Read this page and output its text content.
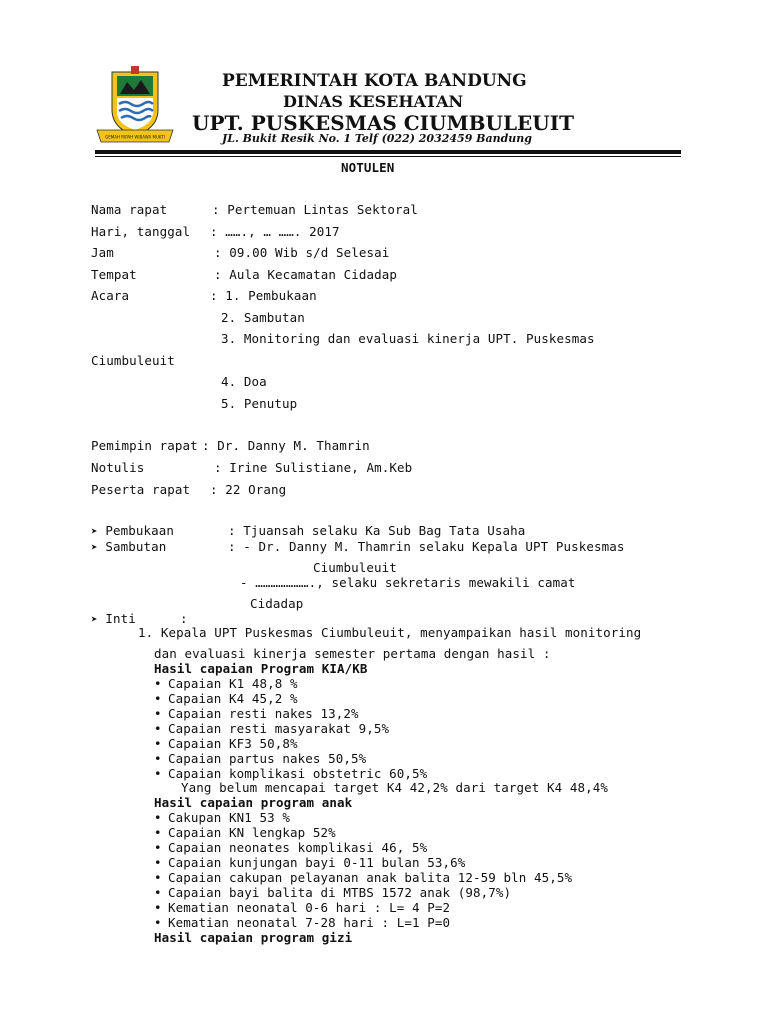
GEMAH RIPAH WIBAWA MUKTI
PEMERINTAH KOTA BANDUNG
DINAS KESEHATAN
UPT. PUSKESMAS CIUMBULEUIT
JL. Bukit Resik No. 1 Telf (022) 2032459 Bandung
NOTULEN
Nama rapat	: Pertemuan Lintas Sektoral
Hari, tanggal : ……., … ……. 2017
Jam	: 09.00 Wib s/d Selesai
Tempat	: Aula Kecamatan Cidadap
Acara	: 1. Pembukaan
2. Sambutan
3. Monitoring dan evaluasi kinerja UPT. Puskesmas
Ciumbuleuit
4. Doa
5. Penutup
Pemimpin rapat : Dr. Danny M. Thamrin
Notulis	: Irine Sulistiane, Am.Keb
Peserta rapat : 22 Orang
➤ Pembukaan	: Tjuansah selaku Ka Sub Bag Tata Usaha
➤ Sambutan	: - Dr. Danny M. Thamrin selaku Kepala UPT Puskesmas
Ciumbuleuit
- …………………., selaku sekretaris mewakili camat
Cidadap
➤ Inti	:
1. Kepala UPT Puskesmas Ciumbuleuit, menyampaikan hasil monitoring
dan evaluasi kinerja semester pertama dengan hasil :
Hasil capaian Program KIA/KB
• Capaian K1 48,8 %
• Capaian K4 45,2 %
• Capaian resti nakes 13,2%
• Capaian resti masyarakat 9,5%
• Capaian KF3 50,8%
• Capaian partus nakes 50,5%
• Capaian komplikasi obstetric 60,5%
Yang belum mencapai target K4 42,2% dari target K4 48,4%
Hasil capaian program anak
• Cakupan KN1 53 %
• Capaian KN lengkap 52%
• Capaian neonates komplikasi 46, 5%
• Capaian kunjungan bayi 0-11 bulan 53,6%
• Capaian cakupan pelayanan anak balita 12-59 bln 45,5%
• Capaian bayi balita di MTBS 1572 anak (98,7%)
• Kematian neonatal 0-6 hari : L= 4 P=2
• Kematian neonatal 7-28 hari : L=1 P=0
Hasil capaian program gizi
